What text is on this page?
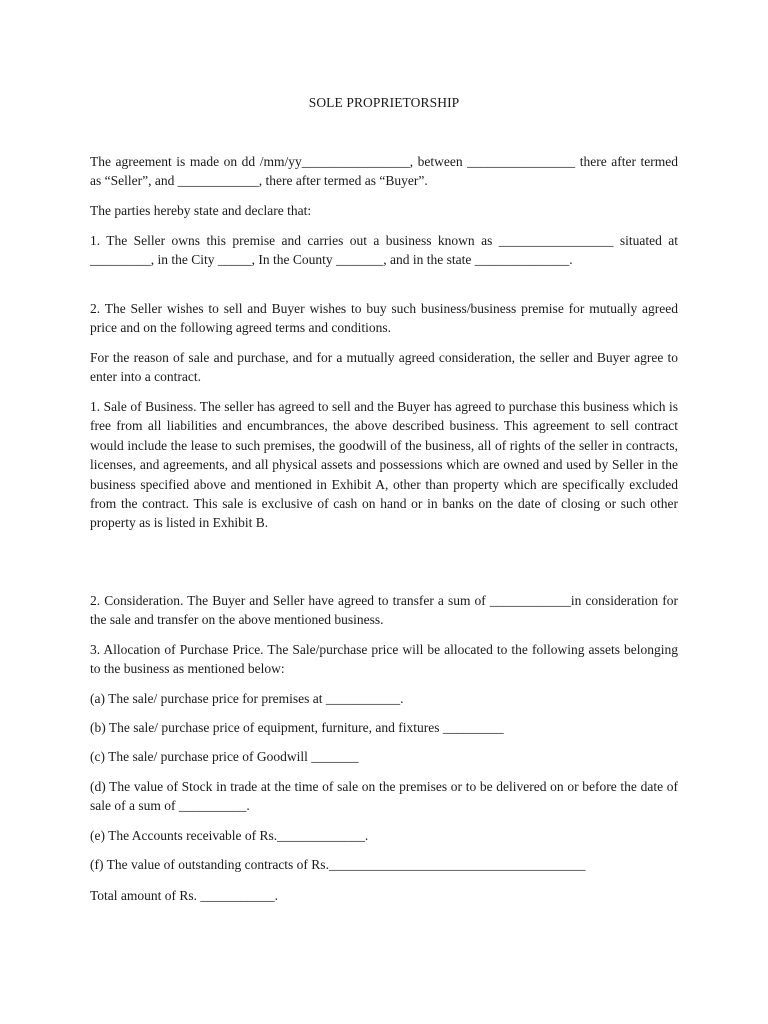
SOLE PROPRIETORSHIP

The agreement is made on dd /mm/yy________________, between ________________ there after termed as “Seller”, and ____________, there after termed as “Buyer”.

The parties hereby state and declare that:

1. The Seller owns this premise and carries out a business known as _________________ situated at _________, in the City _____, In the County _______, and in the state ______________.

2. The Seller wishes to sell and Buyer wishes to buy such business/business premise for mutually agreed price and on the following agreed terms and conditions.

For the reason of sale and purchase, and for a mutually agreed consideration, the seller and Buyer agree to enter into a contract.

1. Sale of Business. The seller has agreed to sell and the Buyer has agreed to purchase this business which is free from all liabilities and encumbrances, the above described business. This agreement to sell contract would include the lease to such premises, the goodwill of the business, all of rights of the seller in contracts, licenses, and agreements, and all physical assets and possessions which are owned and used by Seller in the business specified above and mentioned in Exhibit A, other than property which are specifically excluded from the contract. This sale is exclusive of cash on hand or in banks on the date of closing or such other property as is listed in Exhibit B.

2. Consideration. The Buyer and Seller have agreed to transfer a sum of ____________in consideration for the sale and transfer on the above mentioned business.

3. Allocation of Purchase Price. The Sale/purchase price will be allocated to the following assets belonging to the business as mentioned below:

(a) The sale/ purchase price for premises at ___________.

(b) The sale/ purchase price of equipment, furniture, and fixtures _________

(c) The sale/ purchase price of Goodwill _______

(d) The value of Stock in trade at the time of sale on the premises or to be delivered on or before the date of sale of a sum of __________.

(e) The Accounts receivable of Rs._____________.

(f) The value of outstanding contracts of Rs.______________________________________

Total amount of Rs. ___________.
